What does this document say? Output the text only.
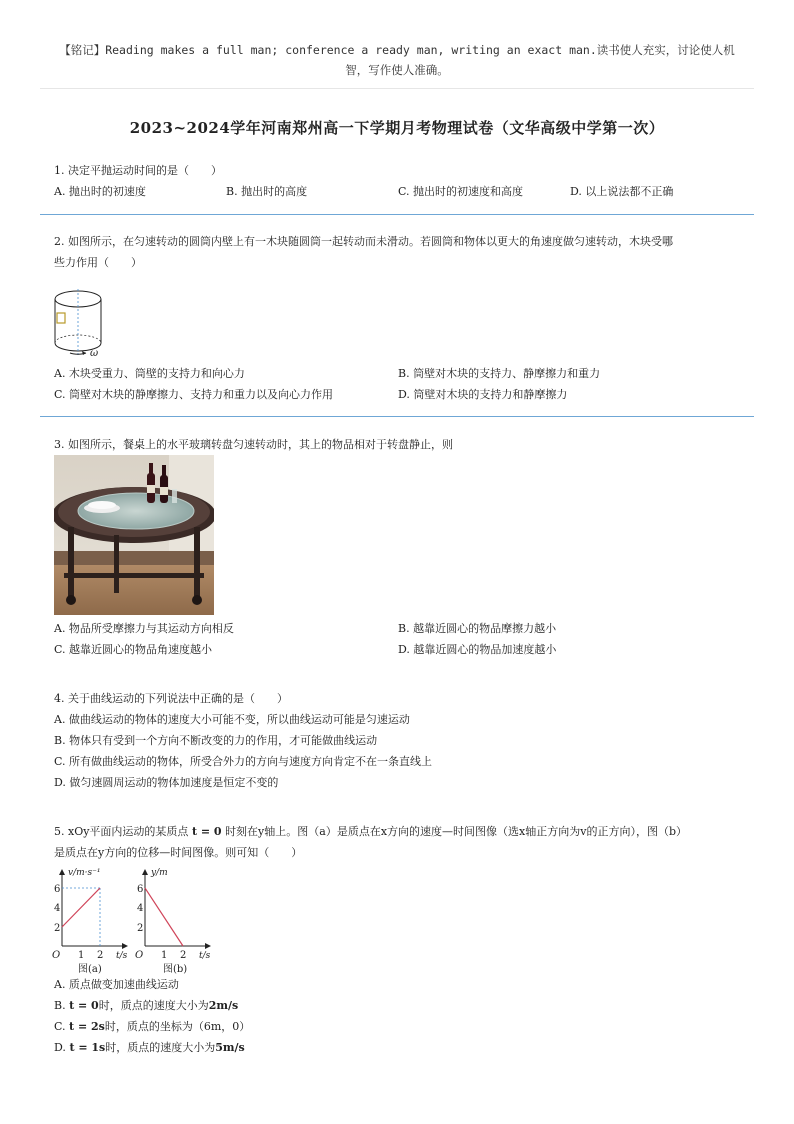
【铭记】Reading makes a full man; conference a ready man, writing an exact man.读书使人充实，讨论使人机
智，写作使人准确。
2023~2024学年河南郑州高一下学期月考物理试卷（文华高级中学第一次）
1. 决定平抛运动时间的是（　　）
A. 抛出时的初速度	B. 抛出时的高度	C. 抛出时的初速度和高度	D. 以上说法都不正确
2. 如图所示，在匀速转动的圆筒内壁上有一木块随圆筒一起转动而未滑动。若圆筒和物体以更大的角速度做匀速转动，木块受哪
些力作用（　　）
ω
A. 木块受重力、筒壁的支持力和向心力	B. 筒壁对木块的支持力、静摩擦力和重力
C. 筒壁对木块的静摩擦力、支持力和重力以及向心力作用	D. 筒壁对木块的支持力和静摩擦力
3. 如图所示，餐桌上的水平玻璃转盘匀速转动时，其上的物品相对于转盘静止，则
A. 物品所受摩擦力与其运动方向相反	B. 越靠近圆心的物品摩擦力越小
C. 越靠近圆心的物品角速度越小	D. 越靠近圆心的物品加速度越小
4. 关于曲线运动的下列说法中正确的是（　　）
A. 做曲线运动的物体的速度大小可能不变，所以曲线运动可能是匀速运动
B. 物体只有受到一个方向不断改变的力的作用，才可能做曲线运动
C. 所有做曲线运动的物体，所受合外力的方向与速度方向肯定不在一条直线上
D. 做匀速圆周运动的物体加速度是恒定不变的
5. xOy平面内运动的某质点 t = 0 时刻在y轴上。图（a）是质点在x方向的速度—时间图像（选x轴正方向为v的正方向），图（b）
是质点在y方向的位移—时间图像。则可知（　　）
v/m·s⁻¹
t/s
O
6
4
2
1 2
图(a)
y/m
t/s
O
6
4
2
1 2
图(b)
A. 质点做变加速曲线运动
B. t = 0时，质点的速度大小为2m/s
C. t = 2s时，质点的坐标为（6m，0）
D. t = 1s时，质点的速度大小为5m/s
